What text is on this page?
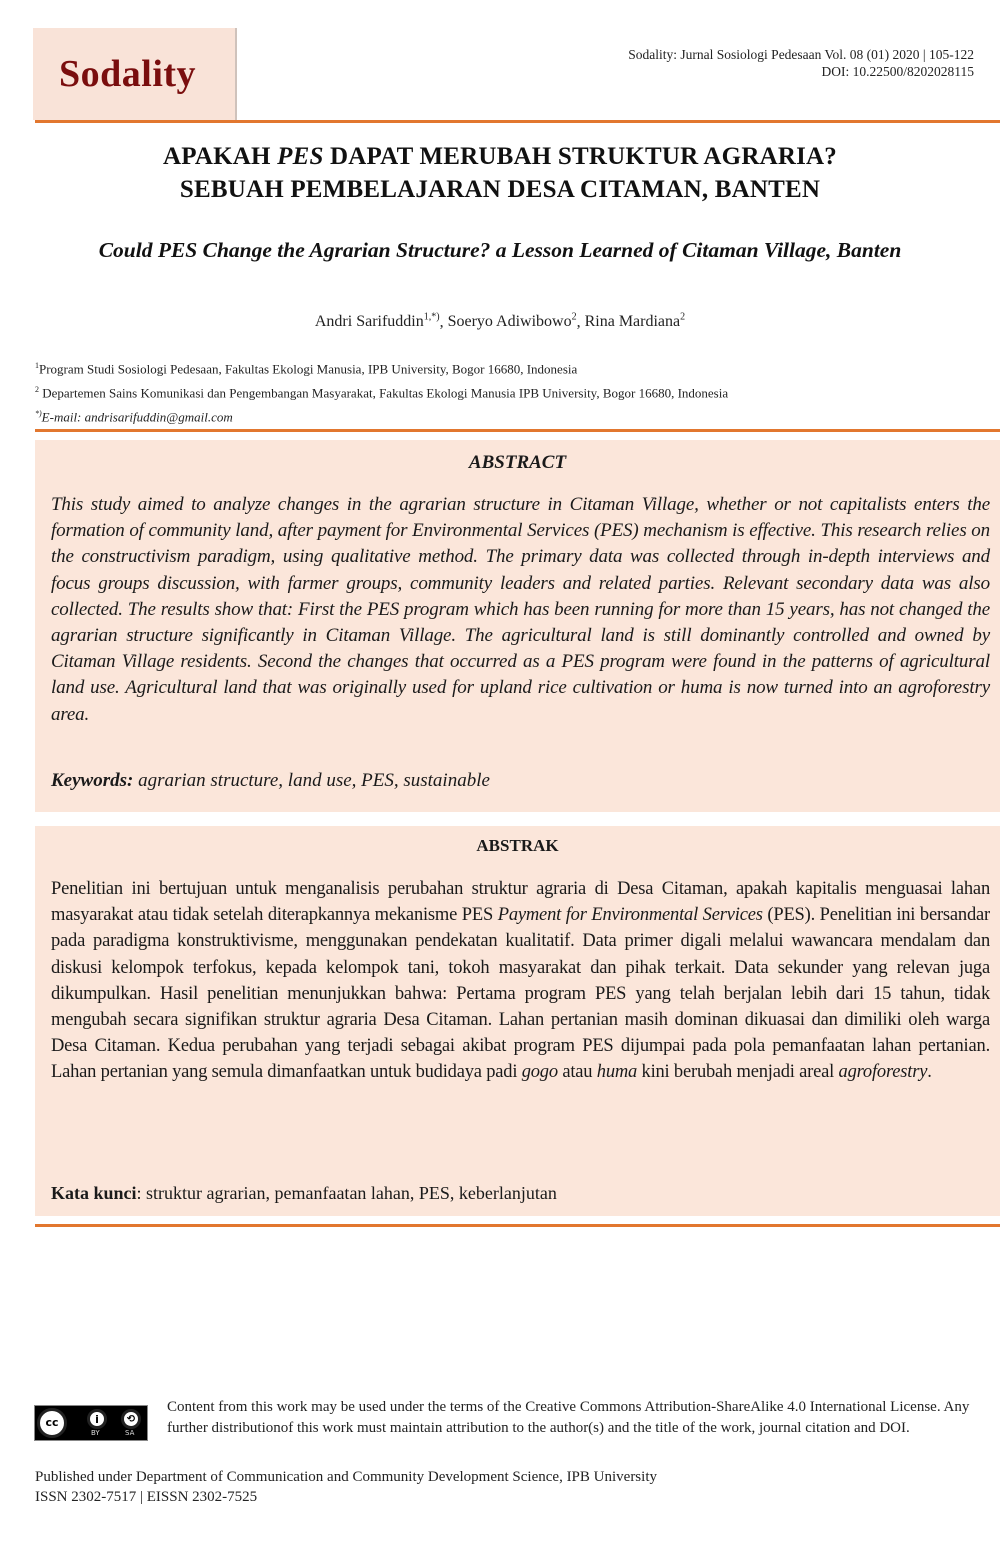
Sodality	Sodality: Jurnal Sosiologi Pedesaan Vol. 08 (01) 2020 | 105-122
DOI: 10.22500/8202028115
APAKAH PES DAPAT MERUBAH STRUKTUR AGRARIA?
SEBUAH PEMBELAJARAN DESA CITAMAN, BANTEN
Could PES Change the Agrarian Structure? a Lesson Learned of Citaman Village, Banten
Andri Sarifuddin$^{1,*)}$, Soeryo Adiwibowo$^2$, Rina Mardiana$^2$
$^1$Program Studi Sosiologi Pedesaan, Fakultas Ekologi Manusia, IPB University, Bogor 16680, Indonesia
$^2$ Departemen Sains Komunikasi dan Pengembangan Masyarakat, Fakultas Ekologi Manusia IPB University, Bogor 16680, Indonesia
*)E-mail: andrisarifuddin@gmail.com
ABSTRACT
This study aimed to analyze changes in the agrarian structure in Citaman Village, whether or not capitalists enters the formation of community land, after payment for Environmental Services (PES) mechanism is effective. This research relies on the constructivism paradigm, using qualitative method. The primary data was collected through in-depth interviews and focus groups discussion, with farmer groups, community leaders and related parties. Relevant secondary data was also collected. The results show that: First the PES program which has been running for more than 15 years, has not changed the agrarian structure significantly in Citaman Village. The agricultural land is still dominantly controlled and owned by Citaman Village residents. Second the changes that occurred as a PES program were found in the patterns of agricultural land use. Agricultural land that was originally used for upland rice cultivation or huma is now turned into an agroforestry area.
Keywords: agrarian structure, land use, PES, sustainable
ABSTRAK
Penelitian ini bertujuan untuk menganalisis perubahan struktur agraria di Desa Citaman, apakah kapitalis menguasai lahan masyarakat atau tidak setelah diterapkannya mekanisme PES Payment for Environmental Services (PES). Penelitian ini bersandar pada paradigma konstruktivisme, menggunakan pendekatan kualitatif. Data primer digali melalui wawancara mendalam dan diskusi kelompok terfokus, kepada kelompok tani, tokoh masyarakat dan pihak terkait. Data sekunder yang relevan juga dikumpulkan. Hasil penelitian menunjukkan bahwa: Pertama program PES yang telah berjalan lebih dari 15 tahun, tidak mengubah secara signifikan struktur agraria Desa Citaman. Lahan pertanian masih dominan dikuasai dan dimiliki oleh warga Desa Citaman. Kedua perubahan yang terjadi sebagai akibat program PES dijumpai pada pola pemanfaatan lahan pertanian. Lahan pertanian yang semula dimanfaatkan untuk budidaya padi gogo atau huma kini berubah menjadi areal agroforestry.
Kata kunci: struktur agrarian, pemanfaatan lahan, PES, keberlanjutan
cc	i	⟲
BY	SA
Content from this work may be used under the terms of the Creative Commons Attribution-ShareAlike 4.0 International License. Any further distributionof this work must maintain attribution to the author(s) and the title of the work, journal citation and DOI.
Published under Department of Communication and Community Development Science, IPB University
ISSN 2302-7517 | EISSN 2302-7525
